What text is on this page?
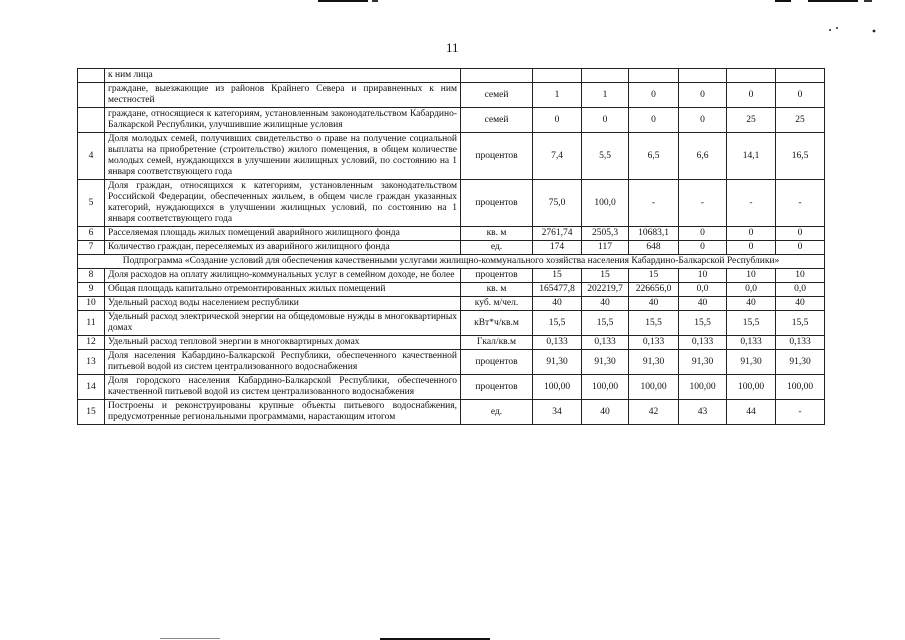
11
	к ним лица							
	граждане, выезжающие из районов Крайнего Севера и приравненных к ним местностей	семей	1	1	0	0	0	0
	граждане, относящиеся к категориям, установленным законодательством Кабардино-Балкарской Республики, улучшившие жилищные условия	семей	0	0	0	0	25	25
4	Доля молодых семей, получивших свидетельство о праве на получение социальной выплаты на приобретение (строительство) жилого помещения, в общем количестве молодых семей, нуждающихся в улучшении жилищных условий, по состоянию на 1 января соответствующего года	процентов	7,4	5,5	6,5	6,6	14,1	16,5
5	Доля граждан, относящихся к категориям, установленным законодательством Российской Федерации, обеспеченных жильем, в общем числе граждан указанных категорий, нуждающихся в улучшении жилищных условий, по состоянию на 1 января соответствующего года	процентов	75,0	100,0	-	-	-	-
6	Расселяемая площадь жилых помещений аварийного жилищного фонда	кв. м	2761,74	2505,3	10683,1	0	0	0
7	Количество граждан, переселяемых из аварийного жилищного фонда	ед.	174	117	648	0	0	0
Подпрограмма «Создание условий для обеспечения качественными услугами жилищно-коммунального хозяйства населения Кабардино-Балкарской Республики»								
8	Доля расходов на оплату жилищно-коммунальных услуг в семейном доходе, не более	процентов	15	15	15	10	10	10
9	Общая площадь капитально отремонтированных жилых помещений	кв. м	165477,8	202219,7	226656,0	0,0	0,0	0,0
10	Удельный расход воды населением республики	куб. м/чел.	40	40	40	40	40	40
11	Удельный расход электрической энергии на общедомовые нужды в многоквартирных домах	кВт*ч/кв.м	15,5	15,5	15,5	15,5	15,5	15,5
12	Удельный расход тепловой энергии в многоквартирных домах	Гкал/кв.м	0,133	0,133	0,133	0,133	0,133	0,133
13	Доля населения Кабардино-Балкарской Республики, обеспеченного качественной питьевой водой из систем централизованного водоснабжения	процентов	91,30	91,30	91,30	91,30	91,30	91,30
14	Доля городского населения Кабардино-Балкарской Республики, обеспеченного качественной питьевой водой из систем централизованного водоснабжения	процентов	100,00	100,00	100,00	100,00	100,00	100,00
15	Построены и реконструированы крупные объекты питьевого водоснабжения, предусмотренные региональными программами, нарастающим итогом	ед.	34	40	42	43	44	-
